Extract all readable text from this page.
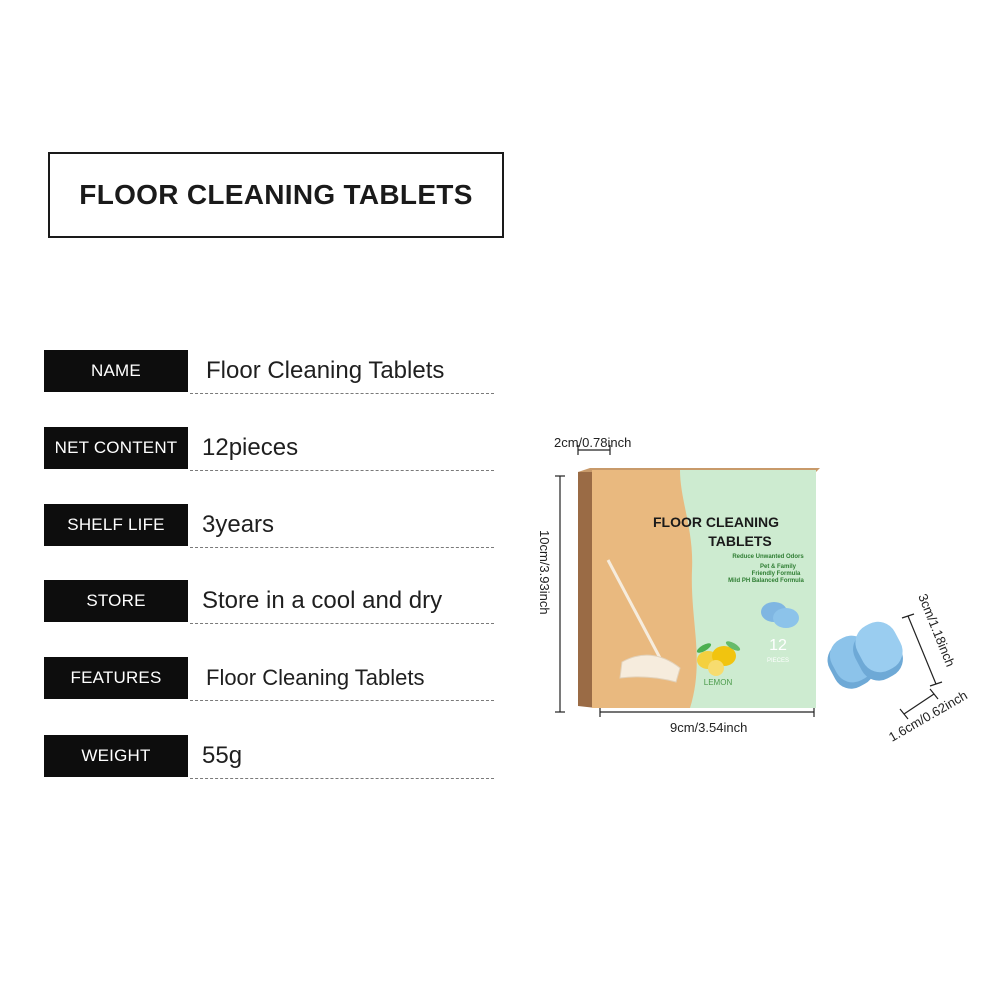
FLOOR CLEANING TABLETS
NAME	Floor Cleaning Tablets
NET CONTENT	12pieces
SHELF LIFE	3years
STORE	Store in a cool and dry
FEATURES	Floor Cleaning Tablets
WEIGHT	55g
FLOOR CLEANING
TABLETS
Reduce Unwanted Odors
Pet & Family
Friendly Formula
Mild PH Balanced Formula
12
PIECES
LEMON
2cm/0.78inch
10cm/3.93inch
9cm/3.54inch
3cm/1.18inch
1.6cm/0.62inch
